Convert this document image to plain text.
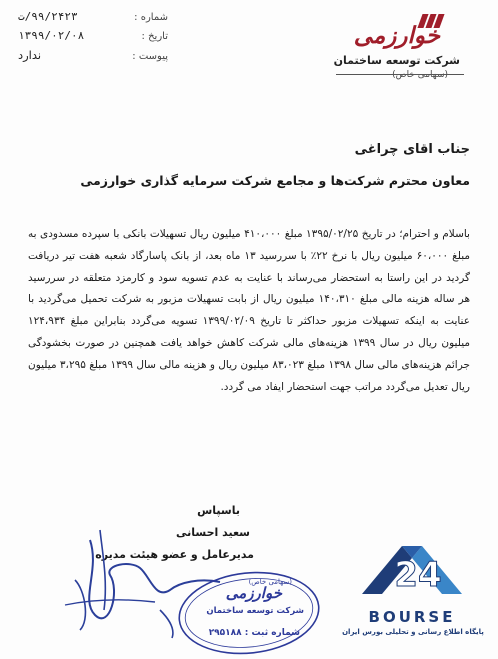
شماره :
۹۹/۲۴۲۳/ت
تاریخ :
۱۳۹۹/۰۲/۰۸
پیوست :
ندارد
خوارزمی
شرکت توسعه ساختمان
(سهامی خاص)
جناب اقای چراغی
معاون محترم شرکت‌ها و مجامع شرکت سرمایه گذاری خوارزمی

باسلام و احترام؛ در تاریخ ۱۳۹۵/۰۲/۲۵ مبلغ ۴۱۰،۰۰۰ میلیون ریال تسهیلات بانکی با سپرده مسدودی به مبلغ ۶۰،۰۰۰ میلیون ریال با نرخ ۲۲٪ با سررسید ۱۳ ماه بعد، از بانک پاسارگاد شعبه هفت تیر دریافت گردید در این راستا به استحضار می‌رساند با عنایت به عدم تسویه سود و کارمزد متعلقه در سررسید هر ساله هزینه مالی مبلغ ۱۴۰،۳۱۰ میلیون ریال از بابت تسهیلات مزبور به شرکت تحمیل می‌گردید با عنایت به اینکه تسهیلات مزبور حداکثر تا تاریخ ۱۳۹۹/۰۲/۰۹ تسویه می‌گردد بنابراین مبلغ ۱۲۴،۹۳۴ میلیون ریال در سال ۱۳۹۹ هزینه‌های مالی شرکت کاهش خواهد یافت همچنین در صورت بخشودگی جرائم هزینه‌های مالی سال ۱۳۹۸ مبلغ ۸۳،۰۲۳ میلیون ریال و هزینه مالی سال ۱۳۹۹ مبلغ ۳،۲۹۵ میلیون ریال تعدیل می‌گردد مراتب جهت استحضار ایفاد می گردد.

باسپاس
سعید احسانی
مدیرعامل و عضو هیئت مدیره
(سهامی خاص)
خوارزمی
شرکت توسعه ساختمان
شماره ثبت : ۲۹۵۱۸۸
24
BOURSE
پایگاه اطلاع رسانی و تحلیلی بورس ایران
